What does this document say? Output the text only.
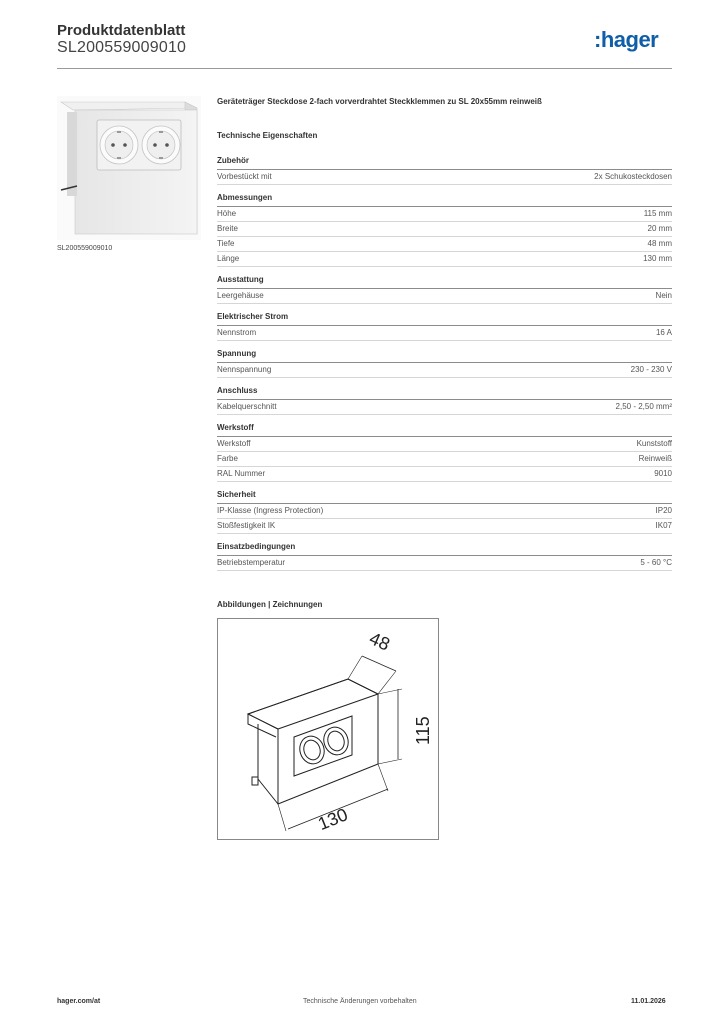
Produktdatenblatt
SL200559009010	:hager
SL200559009010
Geräteträger Steckdose 2-fach vorverdrahtet Steckklemmen zu SL 20x55mm reinweiß
Technische Eigenschaften
Zubehör
Vorbestückt mit	2x Schukosteckdosen
Abmessungen
Höhe	115 mm
Breite	20 mm
Tiefe	48 mm
Länge	130 mm
Ausstattung
Leergehäuse	Nein
Elektrischer Strom
Nennstrom	16 A
Spannung
Nennspannung	230 - 230 V
Anschluss
Kabelquerschnitt	2,50 - 2,50 mm²
Werkstoff
Werkstoff	Kunststoff
Farbe	Reinweiß
RAL Nummer	9010
Sicherheit
IP-Klasse (Ingress Protection)	IP20
Stoßfestigkeit IK	IK07
Einsatzbedingungen
Betriebstemperatur	5 - 60 °C
Abbildungen | Zeichnungen
48
115
130
hager.com/at	Technische Änderungen vorbehalten	11.01.2026
